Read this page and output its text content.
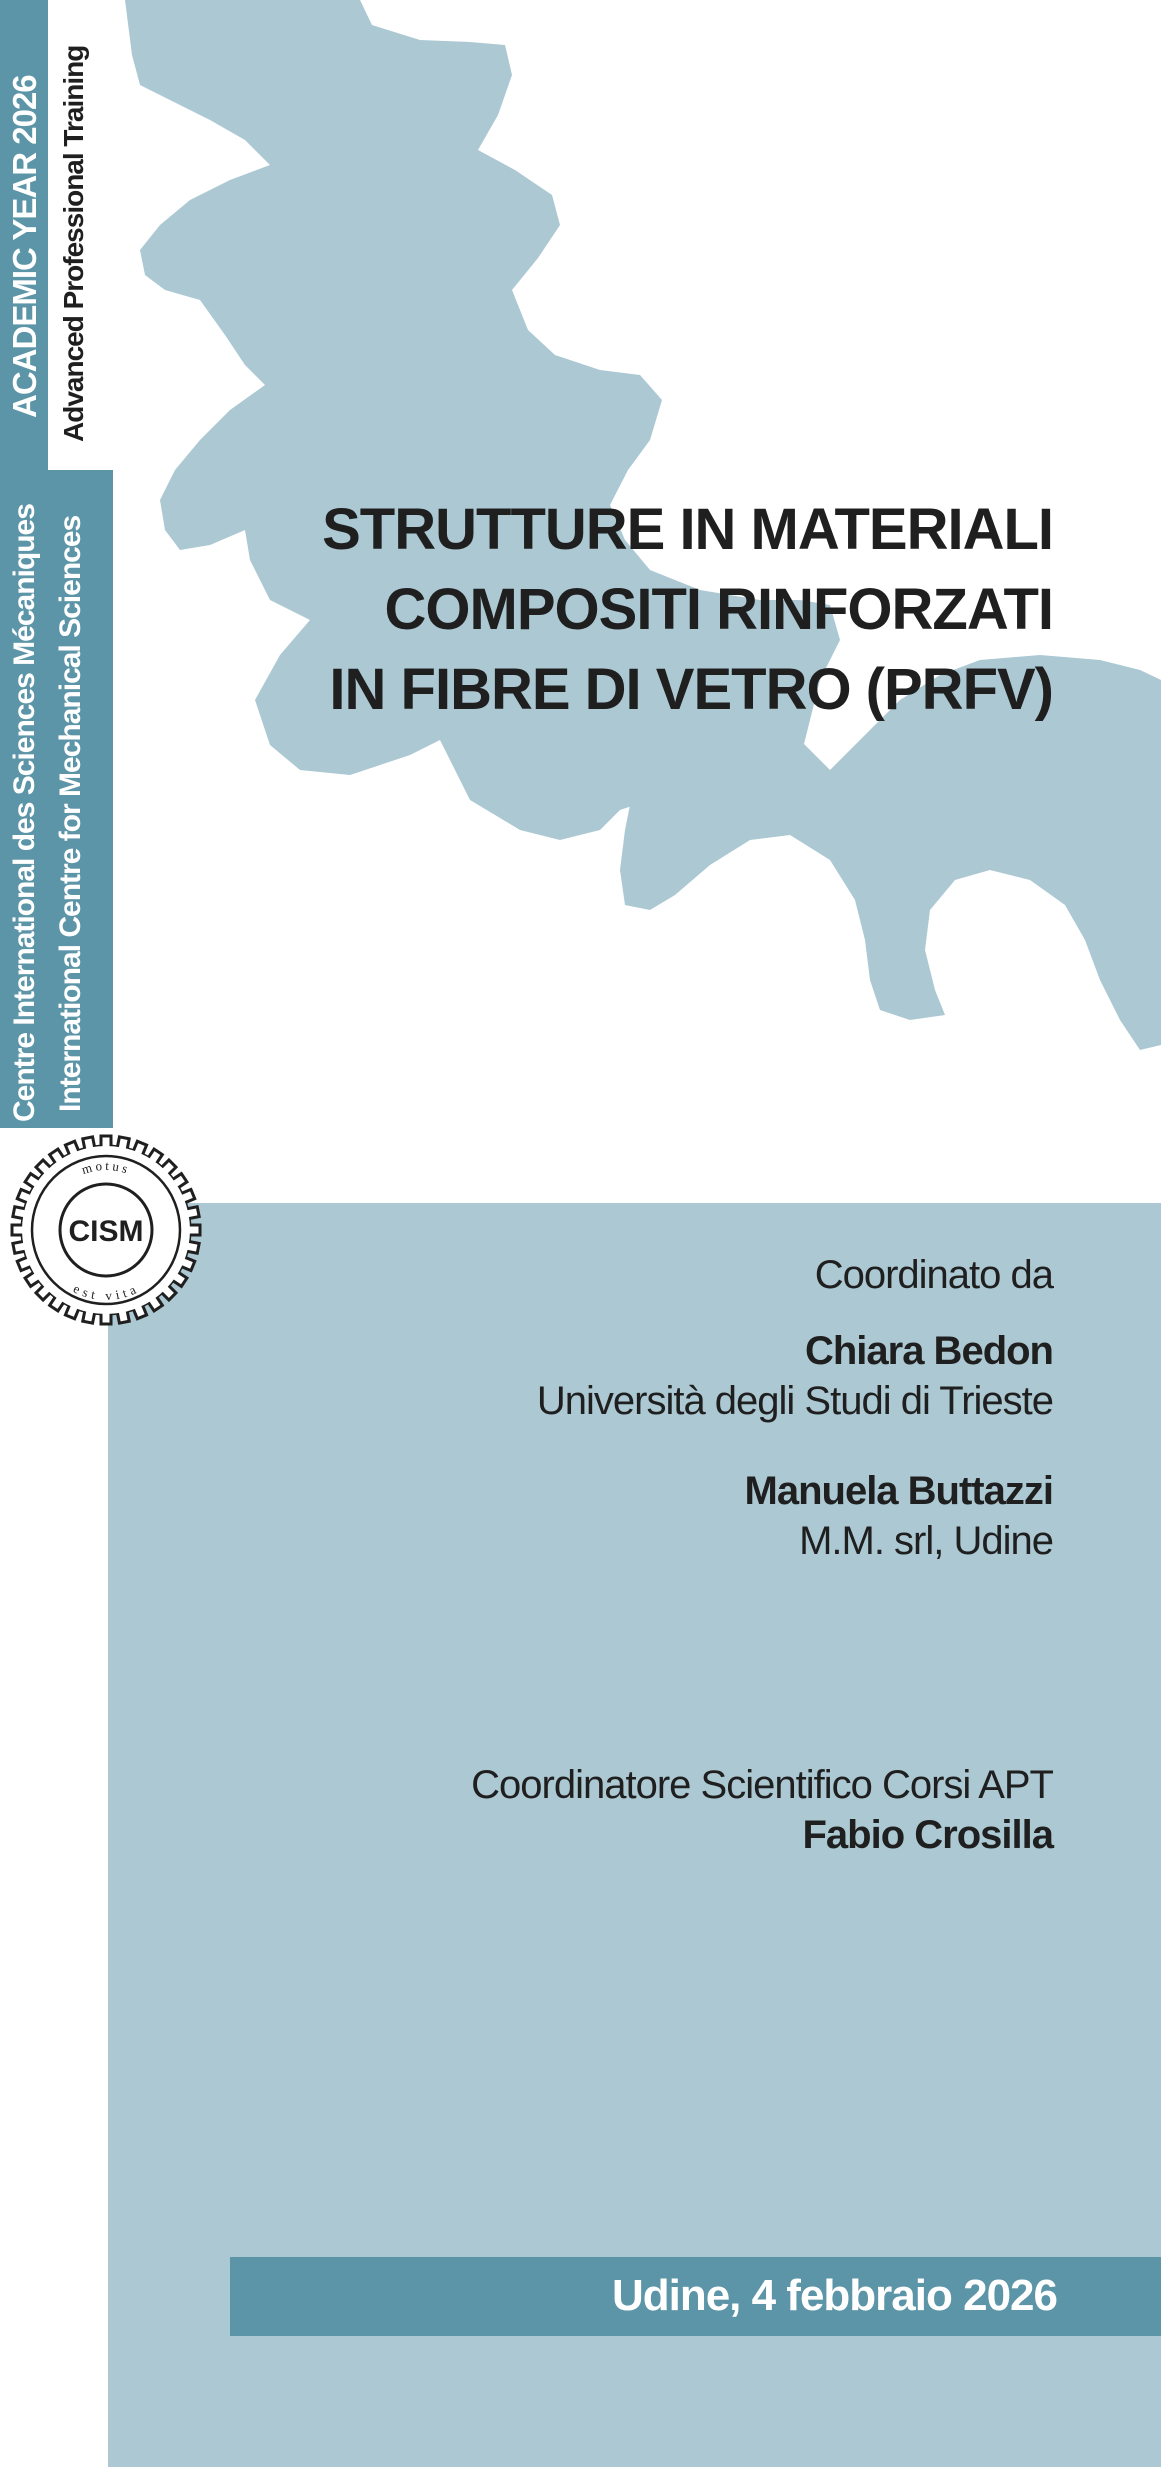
ACADEMIC YEAR 2026 Advanced Professional Training
Centre International des Sciences Mécaniques International Centre for Mechanical Sciences
CISM
motus
est vita
STRUTTURE IN MATERIALI
COMPOSITI RINFORZATI
IN FIBRE DI VETRO (PRFV)
Coordinato da
Chiara Bedon
Università degli Studi di Trieste
Manuela Buttazzi
M.M. srl, Udine
Coordinatore Scientifico Corsi APT
Fabio Crosilla
Udine, 4 febbraio 2026
